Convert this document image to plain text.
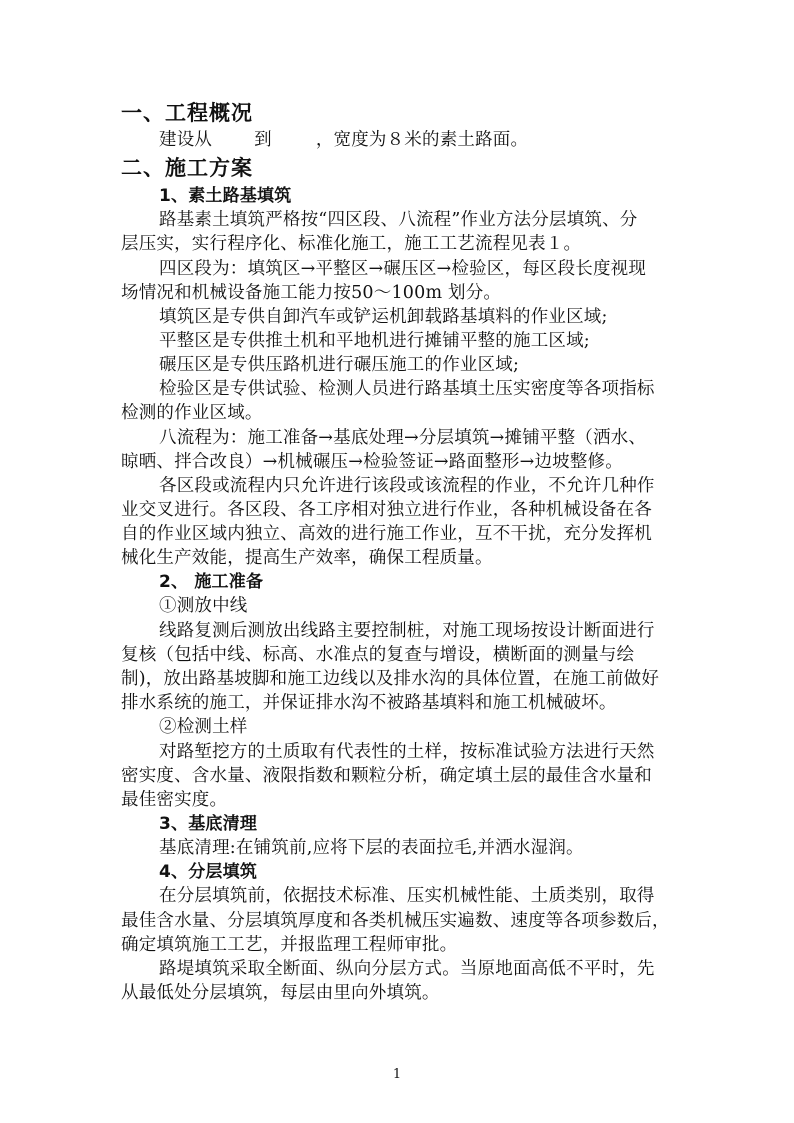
一、工程概况

建设从 到	，宽度为８米的素土路面。

二、施工方案

1、素土路基填筑

路基素土填筑严格按“四区段、八流程”作业方法分层填筑、分

层压实，实行程序化、标准化施工，施工工艺流程见表１。

四区段为：填筑区→平整区→碾压区→检验区，每区段长度视现

场情况和机械设备施工能力按50～100m 划分。

填筑区是专供自卸汽车或铲运机卸载路基填料的作业区域;

平整区是专供推土机和平地机进行摊铺平整的施工区域;

碾压区是专供压路机进行碾压施工的作业区域;

检验区是专供试验、检测人员进行路基填土压实密度等各项指标

检测的作业区域。

八流程为：施工准备→基底处理→分层填筑→摊铺平整（洒水、

晾晒、拌合改良）→机械碾压→检验签证→路面整形→边坡整修。

各区段或流程内只允许进行该段或该流程的作业，不允许几种作

业交叉进行。各区段、各工序相对独立进行作业，各种机械设备在各

自的作业区域内独立、高效的进行施工作业，互不干扰，充分发挥机

械化生产效能，提高生产效率，确保工程质量。

2、 施工准备

①测放中线

线路复测后测放出线路主要控制桩，对施工现场按设计断面进行

复核（包括中线、标高、水准点的复查与增设，横断面的测量与绘

制)，放出路基坡脚和施工边线以及排水沟的具体位置，在施工前做好

排水系统的施工，并保证排水沟不被路基填料和施工机械破坏。

②检测土样

对路堑挖方的土质取有代表性的土样，按标准试验方法进行天然

密实度、含水量、液限指数和颗粒分析，确定填土层的最佳含水量和

最佳密实度。

3、基底清理

基底清理:在铺筑前,应将下层的表面拉毛,并洒水湿润。

4、分层填筑

在分层填筑前，依据技术标准、压实机械性能、土质类别，取得

最佳含水量、分层填筑厚度和各类机械压实遍数、速度等各项参数后，

确定填筑施工工艺，并报监理工程师审批。

路堤填筑采取全断面、纵向分层方式。当原地面高低不平时，先

从最低处分层填筑，每层由里向外填筑。

1
